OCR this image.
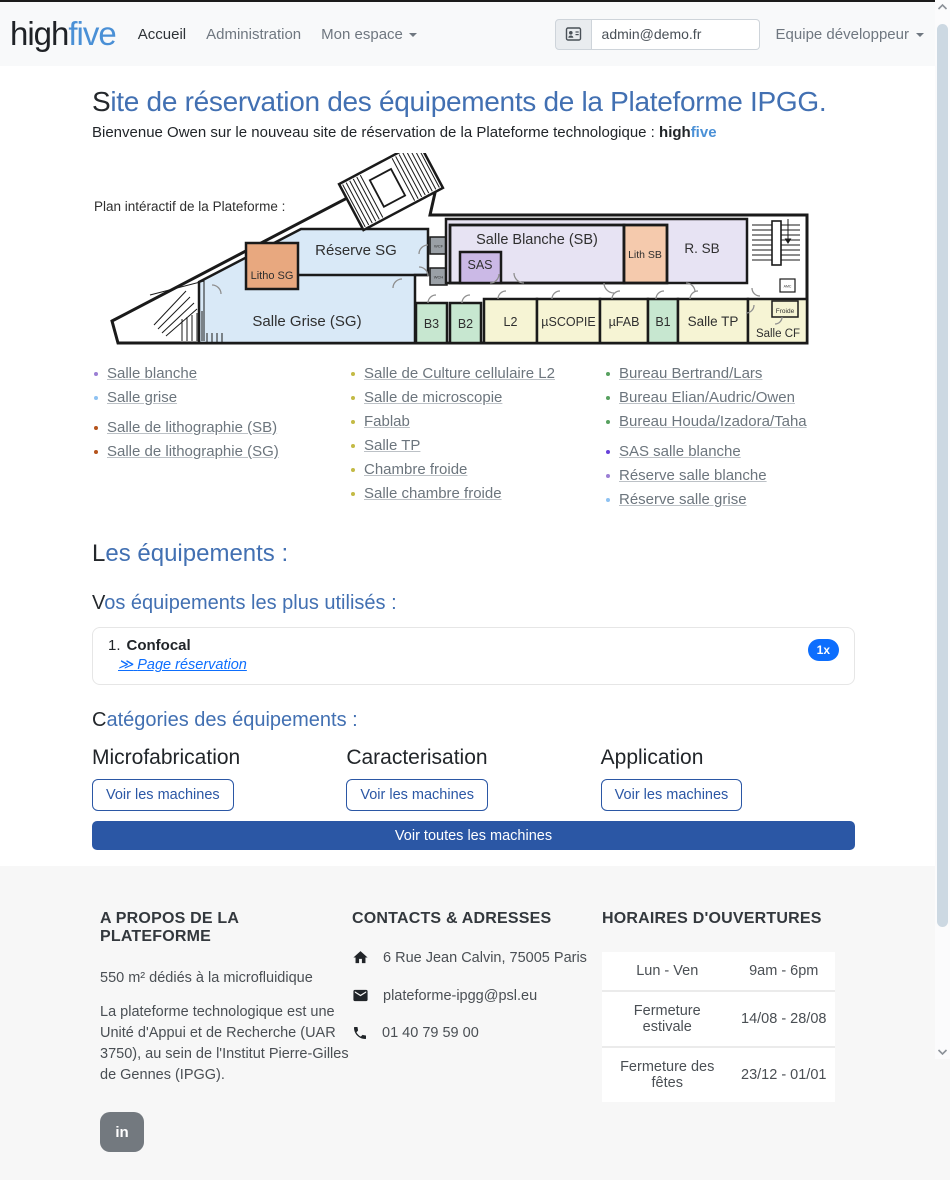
highfive Accueil Administration Mon espace
admin@demo.fr	Equipe développeur
Site de réservation des équipements de la Plateforme IPGG.
Bienvenue Owen sur le nouveau site de réservation de la Plateforme technologique : highfive
Plan intéractif de la Plateforme :
Litho SG
Réserve SG
Salle Grise (SG)
WCF
WCH
SAS
Salle Blanche (SB)
Lith SB R. SB
AMC
B3 B2 L2 µSCOPIE µFAB B1 Salle TP
Froide
Salle CF
Salle blanche
Salle grise
Salle de lithographie (SB)
Salle de lithographie (SG)
Salle de Culture cellulaire L2
Salle de microscopie
Fablab
Salle TP
Chambre froide
Salle chambre froide
Bureau Bertrand/Lars
Bureau Elian/Audric/Owen
Bureau Houda/Izadora/Taha
SAS salle blanche
Réserve salle blanche
Réserve salle grise
Les équipements :
Vos équipements les plus utilisés :
1. Confocal
≫ Page réservation
1x
Catégories des équipements :
Microfabrication
Voir les machines
Caracterisation
Voir les machines
Application
Voir les machines
Voir toutes les machines
A PROPOS DE LA PLATEFORME
550 m² dédiés à la microfluidique

La plateforme technologique est une Unité d'Appui et de Recherche (UAR 3750), au sein de l'Institut Pierre-Gilles de Gennes (IPGG).

in
CONTACTS & ADRESSES
6 Rue Jean Calvin, 75005 Paris
plateforme-ipgg@psl.eu
01 40 79 59 00
HORAIRES D'OUVERTURES
Lun - Ven	9am - 6pm
Fermeture estivale	14/08 - 28/08
Fermeture des fêtes	23/12 - 01/01
